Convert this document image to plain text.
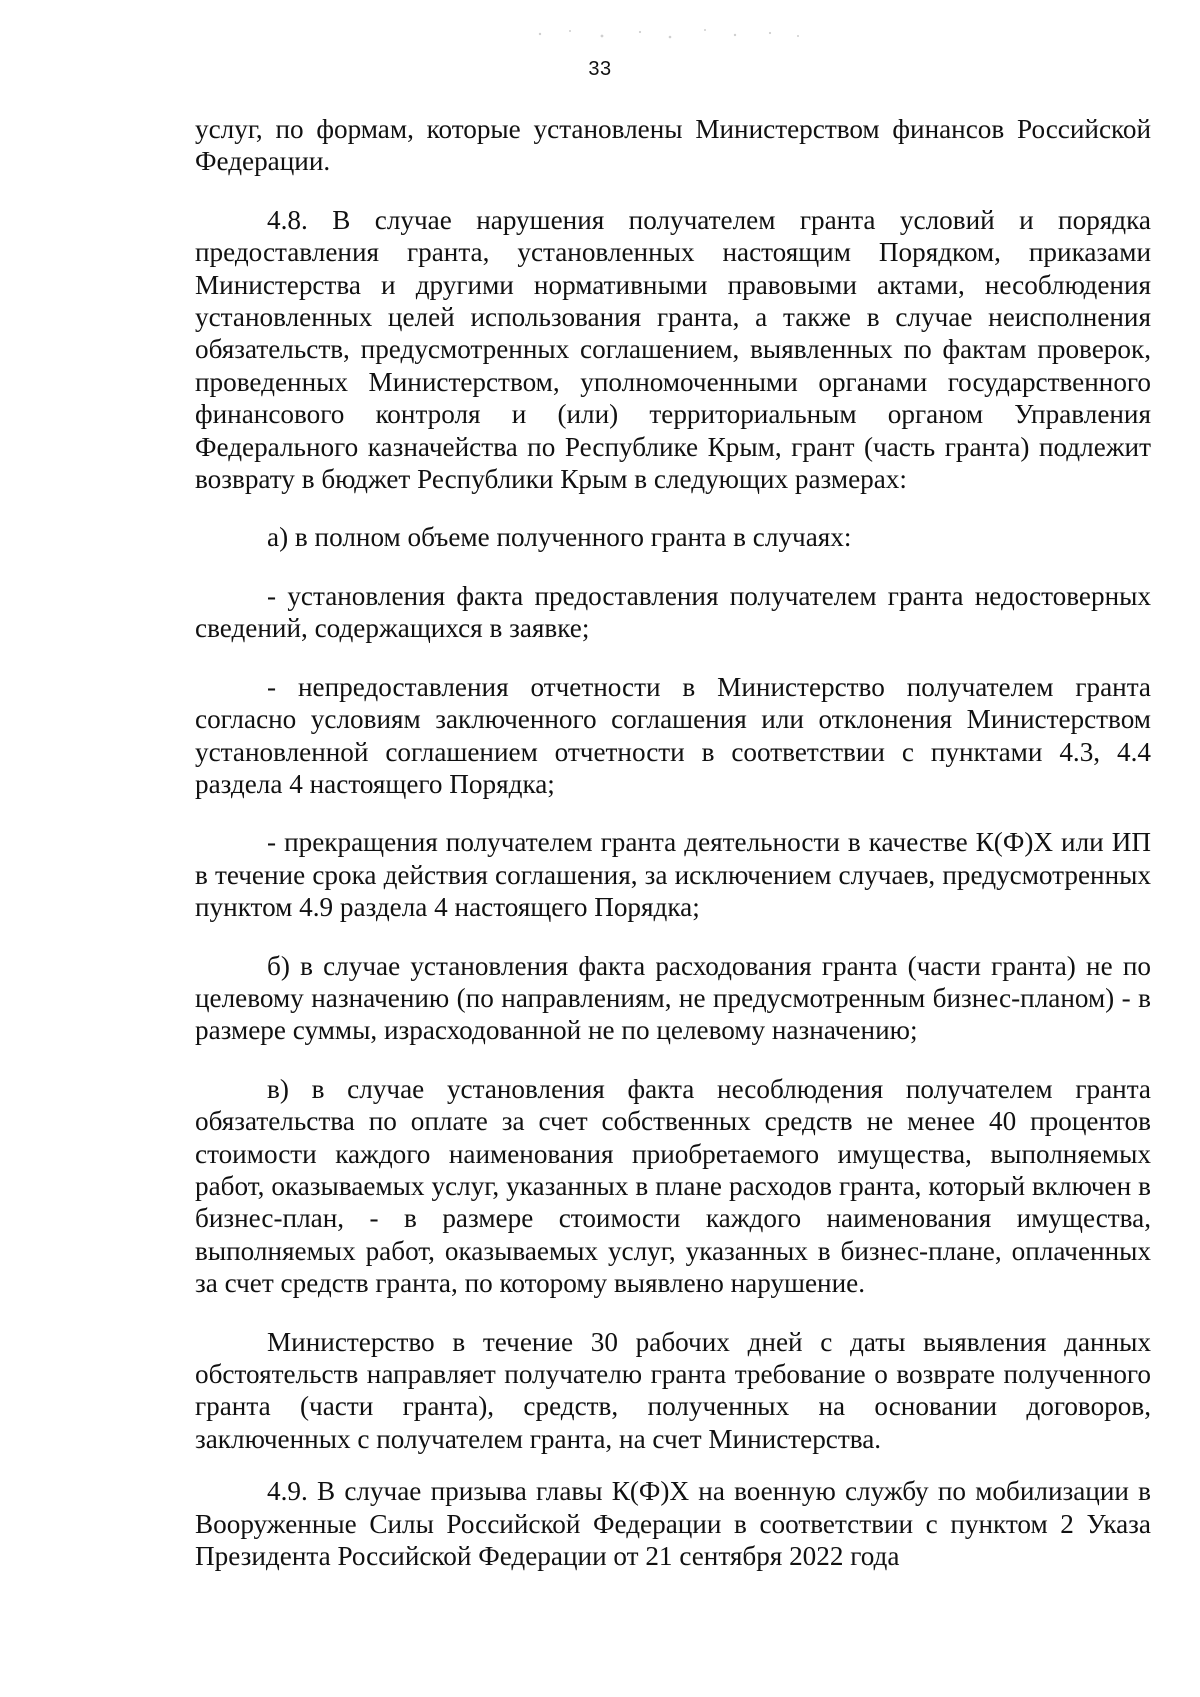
33

услуг, по формам, которые установлены Министерством финансов Российской Федерации.

4.8. В случае нарушения получателем гранта условий и порядка предоставления гранта, установленных настоящим Порядком, приказами Министерства и другими нормативными правовыми актами, несоблюдения установленных целей использования гранта, а также в случае неисполнения обязательств, предусмотренных соглашением, выявленных по фактам проверок, проведенных Министерством, уполномоченными органами государственного финансового контроля и (или) территориальным органом Управления Федерального казначейства по Республике Крым, грант (часть гранта) подлежит возврату в бюджет Республики Крым в следующих размерах:

а) в полном объеме полученного гранта в случаях:

- установления факта предоставления получателем гранта недостоверных сведений, содержащихся в заявке;

- непредоставления отчетности в Министерство получателем гранта согласно условиям заключенного соглашения или отклонения Министерством установленной соглашением отчетности в соответствии с пунктами 4.3, 4.4 раздела 4 настоящего Порядка;

- прекращения получателем гранта деятельности в качестве К(Ф)Х или ИП в течение срока действия соглашения, за исключением случаев, предусмотренных пунктом 4.9 раздела 4 настоящего Порядка;

б) в случае установления факта расходования гранта (части гранта) не по целевому назначению (по направлениям, не предусмотренным бизнес-планом) - в размере суммы, израсходованной не по целевому назначению;

в) в случае установления факта несоблюдения получателем гранта обязательства по оплате за счет собственных средств не менее 40 процентов стоимости каждого наименования приобретаемого имущества, выполняемых работ, оказываемых услуг, указанных в плане расходов гранта, который включен в бизнес-план, - в размере стоимости каждого наименования имущества, выполняемых работ, оказываемых услуг, указанных в бизнес-плане, оплаченных за счет средств гранта, по которому выявлено нарушение.

Министерство в течение 30 рабочих дней с даты выявления данных обстоятельств направляет получателю гранта требование о возврате полученного гранта (части гранта), средств, полученных на основании договоров, заключенных с получателем гранта, на счет Министерства.

4.9. В случае призыва главы К(Ф)Х на военную службу по мобилизации в Вооруженные Силы Российской Федерации в соответствии с пунктом 2 Указа Президента Российской Федерации от 21 сентября 2022 года
